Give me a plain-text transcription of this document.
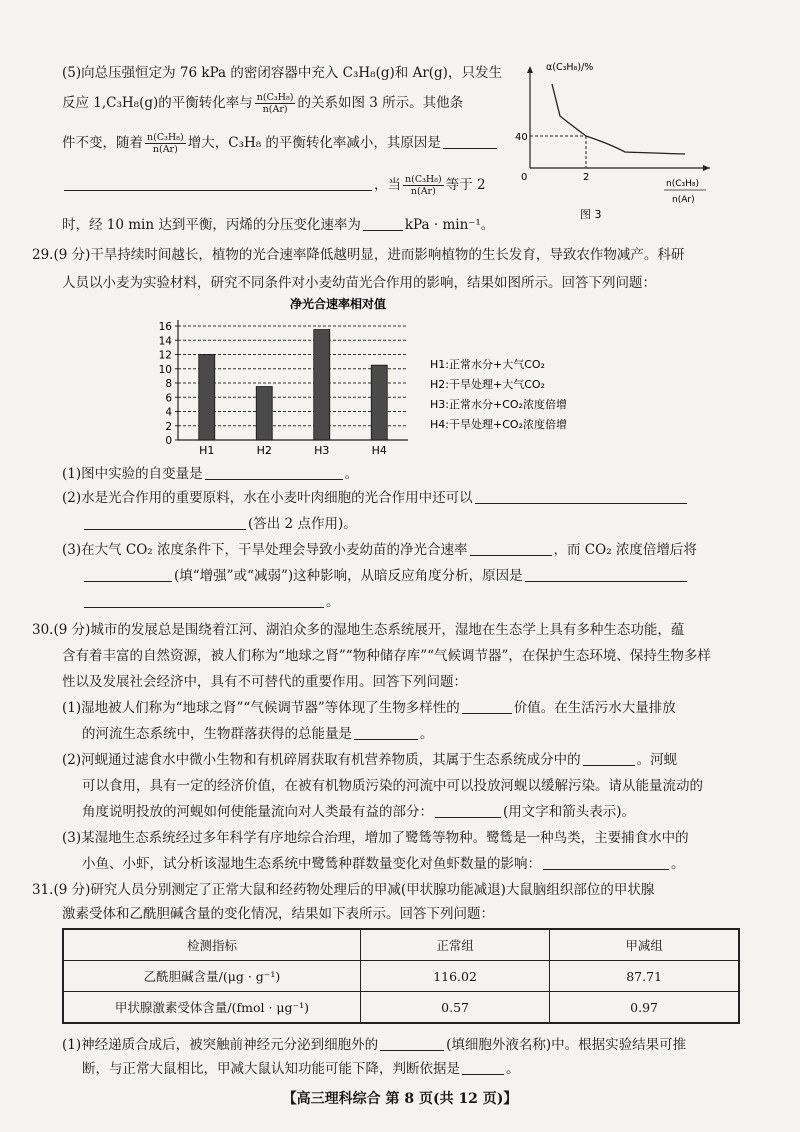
(5)向总压强恒定为 76 kPa 的密闭容器中充入 C₃H₈(g)和 Ar(g)，只发生
反应 1,C₃H₈(g)的平衡转化率与 $\frac{\text{n(C₃H₈)}}{n(Ar)}$ 的关系如图 3 所示。其他条
件不变，随着 $\frac{\text{n(C₃H₈)}}{n(Ar)}$ 增大，C₃H₈ 的平衡转化率减小，其原因是
，当 $\frac{\text{n(C₃H₈)}}{n(Ar)}$ 等于 2
时，经 10 min 达到平衡，丙烯的分压变化速率为	kPa · min⁻¹。
α(C₃H₈)/%
40
0	2
n(C₃H₈)
n(Ar)
图 3
29.(9 分)干旱持续时间越长，植物的光合速率降低越明显，进而影响植物的生长发育，导致农作物减产。科研
人员以小麦为实验材料，研究不同条件对小麦幼苗光合作用的影响，结果如图所示。回答下列问题：
净光合速率相对值
0
2
4
6
8
10
12
14
16
H1	H2	H3	H4
H1:正常水分+大气CO₂
H2:干旱处理+大气CO₂
H3:正常水分+CO₂浓度倍增
H4:干旱处理+CO₂浓度倍增
(1)图中实验的自变量是	。
(2)水是光合作用的重要原料，水在小麦叶肉细胞的光合作用中还可以
(答出 2 点作用)。
(3)在大气 CO₂ 浓度条件下，干旱处理会导致小麦幼苗的净光合速率	，而 CO₂ 浓度倍增后将
(填“增强”或“减弱”)这种影响，从暗反应角度分析，原因是
。
30.(9 分)城市的发展总是围绕着江河、湖泊众多的湿地生态系统展开，湿地在生态学上具有多种生态功能，蕴
含有着丰富的自然资源，被人们称为“地球之肾”“物种储存库”“气候调节器”，在保护生态环境、保持生物多样
性以及发展社会经济中，具有不可替代的重要作用。回答下列问题：
(1)湿地被人们称为“地球之肾”“气候调节器”等体现了生物多样性的	价值。在生活污水大量排放
的河流生态系统中，生物群落获得的总能量是	。
(2)河蚬通过滤食水中微小生物和有机碎屑获取有机营养物质，其属于生态系统成分中的	。河蚬
可以食用，具有一定的经济价值，在被有机物质污染的河流中可以投放河蚬以缓解污染。请从能量流动的
角度说明投放的河蚬如何使能量流向对人类最有益的部分：	(用文字和箭头表示)。
(3)某湿地生态系统经过多年科学有序地综合治理，增加了鹭鸶等物种。鹭鸶是一种鸟类，主要捕食水中的
小鱼、小虾，试分析该湿地生态系统中鹭鸶种群数量变化对鱼虾数量的影响：	。
31.(9 分)研究人员分别测定了正常大鼠和经药物处理后的甲减(甲状腺功能减退)大鼠脑组织部位的甲状腺
激素受体和乙酰胆碱含量的变化情况，结果如下表所示。回答下列问题：
检测指标	正常组	甲减组
乙酰胆碱含量/(μg · g⁻¹)	116.02	87.71
甲状腺激素受体含量/(fmol · μg⁻¹)	0.57	0.97
(1)神经递质合成后，被突触前神经元分泌到细胞外的	(填细胞外液名称)中。根据实验结果可推
断，与正常大鼠相比，甲减大鼠认知功能可能下降，判断依据是	。
【高三理科综合 第 8 页(共 12 页)】
